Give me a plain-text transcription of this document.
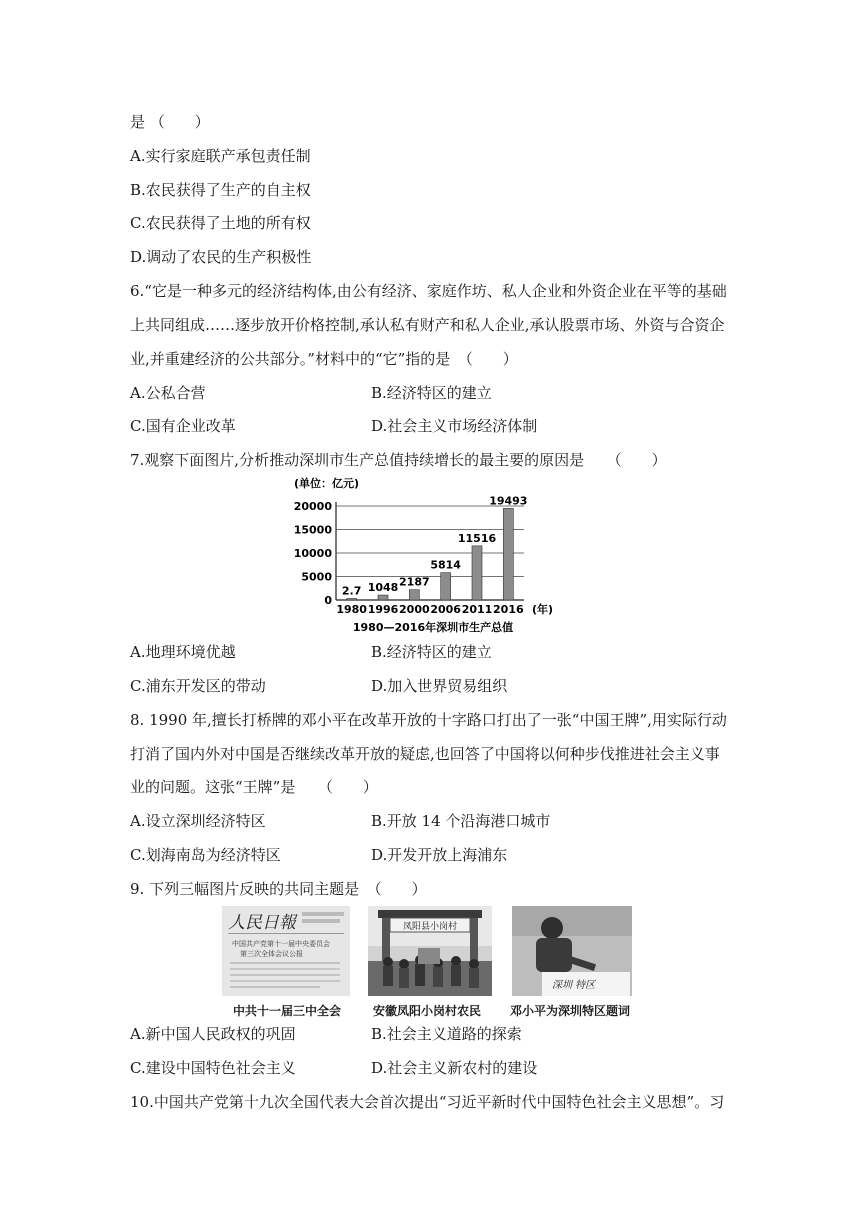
是 （　　）
A.实行家庭联产承包责任制
B.农民获得了生产的自主权
C.农民获得了土地的所有权
D.调动了农民的生产积极性
6.“它是一种多元的经济结构体,由公有经济、家庭作坊、私人企业和外资企业在平等的基础
上共同组成……逐步放开价格控制,承认私有财产和私人企业,承认股票市场、外资与合资企
业,并重建经济的公共部分。”材料中的“它”指的是　（　　）
A.公私合营	B.经济特区的建立
C.国有企业改革	D.社会主义市场经济体制
7.观察下面图片,分析推动深圳市生产总值持续增长的最主要的原因是　　（　　）
(单位：亿元)
0
5000
10000
15000
20000
2.7 1048 2187
5814
11516
19493
1980 1996 2000 2006 2011 2016 (年)
1980—2016年深圳市生产总值
A.地理环境优越	B.经济特区的建立
C.浦东开发区的带动	D.加入世界贸易组织
8. 1990 年,擅长打桥牌的邓小平在改革开放的十字路口打出了一张“中国王牌”,用实际行动
打消了国内外对中国是否继续改革开放的疑虑,也回答了中国将以何种步伐推进社会主义事
业的问题。这张“王牌”是　　（　　）
A.设立深圳经济特区	B.开放 14 个沿海港口城市
C.划海南岛为经济特区	D.开发开放上海浦东
9. 下列三幅图片反映的共同主题是　（　　）
人民日報
中国共产党第十一届中央委员会
第三次全体会议公报
中共十一届三中全会
凤阳县小岗村
安徽凤阳小岗村农民
深圳 特区
邓小平为深圳特区题词
A.新中国人民政权的巩固	B.社会主义道路的探索
C.建设中国特色社会主义	D.社会主义新农村的建设
10.中国共产党第十九次全国代表大会首次提出“习近平新时代中国特色社会主义思想”。习
